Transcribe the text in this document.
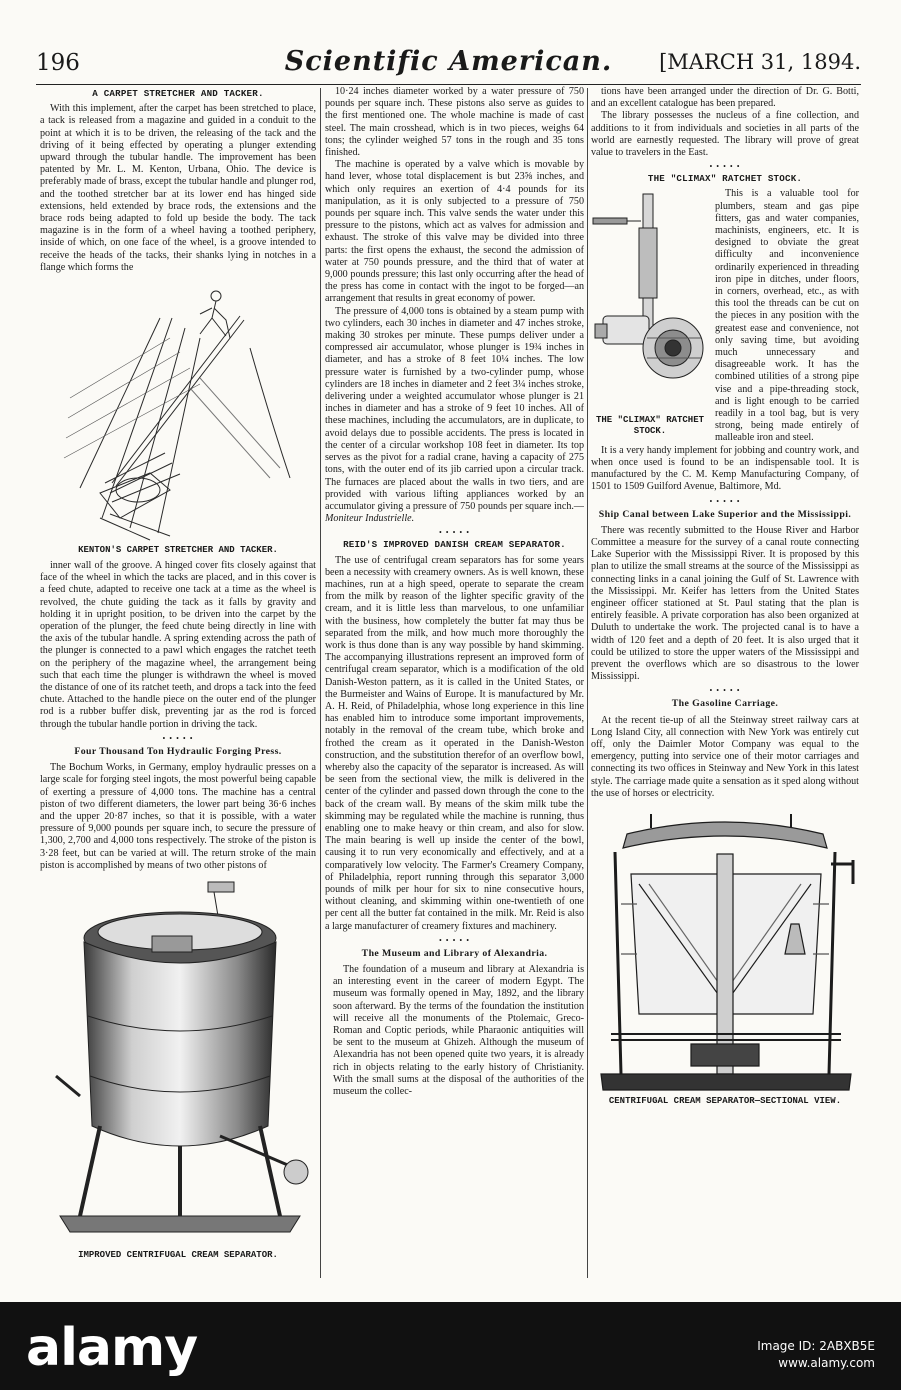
196	Scientific American.	[MARCH 31, 1894.
A CARPET STRETCHER AND TACKER.

With this implement, after the carpet has been stretched to place, a tack is released from a magazine and guided in a conduit to the point at which it is to be driven, the releasing of the tack and the driving of it being effected by operating a plunger extending upward through the tubular handle. The improvement has been patented by Mr. L. M. Kenton, Urbana, Ohio. The device is preferably made of brass, except the tubular handle and plunger rod, and the toothed stretcher bar at its lower end has hinged side extensions, held extended by brace rods, the extensions and the brace rods being adapted to fold up beside the body. The tack magazine is in the form of a wheel having a toothed periphery, inside of which, on one face of the wheel, is a groove intended to receive the heads of the tacks, their shanks lying in notches in a flange which forms the

KENTON'S CARPET STRETCHER AND TACKER.

inner wall of the groove. A hinged cover fits closely against that face of the wheel in which the tacks are placed, and in this cover is a feed chute, adapted to receive one tack at a time as the wheel is revolved, the chute guiding the tack as it falls by gravity and holding it in upright position, to be driven into the carpet by the operation of the plunger, the feed chute being directly in line with the axis of the tubular handle. A spring extending across the path of the plunger is connected to a pawl which engages the ratchet teeth on the periphery of the magazine wheel, the arrangement being such that each time the plunger is withdrawn the wheel is moved the distance of one of its ratchet teeth, and drops a tack into the feed chute. Attached to the handle piece on the outer end of the plunger rod is a rubber buffer disk, preventing jar as the rod is forced through the tubular handle portion in driving the tack.

• • • • •
Four Thousand Ton Hydraulic Forging Press.

The Bochum Works, in Germany, employ hydraulic presses on a large scale for forging steel ingots, the most powerful being capable of exerting a pressure of 4,000 tons. The machine has a central piston of two different diameters, the lower part being 36·6 inches and the upper 20·87 inches, so that it is possible, with a water pressure of 9,000 pounds per square inch, to secure the pressure of 1,300, 2,700 and 4,000 tons respectively. The stroke of the piston is 3·28 feet, but can be varied at will. The return stroke of the main piston is accomplished by means of two other pistons of

IMPROVED CENTRIFUGAL CREAM SEPARATOR.

10·24 inches diameter worked by a water pressure of 750 pounds per square inch. These pistons also serve as guides to the first mentioned one. The whole machine is made of cast steel. The main crosshead, which is in two pieces, weighs 64 tons; the cylinder weighed 57 tons in the rough and 35 tons finished.

The machine is operated by a valve which is movable by hand lever, whose total displacement is but 23⅝ inches, and which only requires an exertion of 4·4 pounds for its manipulation, as it is only subjected to a pressure of 750 pounds per square inch. This valve sends the water under this pressure to the pistons, which act as valves for admission and exhaust. The stroke of this valve may be divided into three parts: the first opens the exhaust, the second the admission of water at 750 pounds pressure, and the third that of water at 9,000 pounds pressure; this last only occurring after the head of the press has come in contact with the ingot to be forged—an arrangement that results in great economy of power.

The pressure of 4,000 tons is obtained by a steam pump with two cylinders, each 30 inches in diameter and 47 inches stroke, making 30 strokes per minute. These pumps deliver under a compressed air accumulator, whose plunger is 19¾ inches in diameter, and has a stroke of 8 feet 10¼ inches. The low pressure water is furnished by a two-cylinder pump, whose cylinders are 18 inches in diameter and 2 feet 3¼ inches stroke, delivering under a weighted accumulator whose plunger is 21 inches in diameter and has a stroke of 9 feet 10 inches. All of these machines, including the accumulators, are in duplicate, to avoid delays due to possible accidents. The press is located in the center of a circular workshop 108 feet in diameter. Its top serves as the pivot for a radial crane, having a capacity of 275 tons, with the outer end of its jib carried upon a circular track. The furnaces are placed about the walls in two tiers, and are provided with various lifting appliances worked by an accumulator giving a pressure of 750 pounds per square inch.—Moniteur Industrielle.

• • • • •
REID'S IMPROVED DANISH CREAM SEPARATOR.

The use of centrifugal cream separators has for some years been a necessity with creamery owners. As is well known, these machines, run at a high speed, operate to separate the cream from the milk by reason of the lighter specific gravity of the cream, and it is little less than marvelous, to one unfamiliar with the business, how completely the butter fat may thus be separated from the milk, and how much more thoroughly the work is thus done than is any way possible by hand skimming. The accompanying illustrations represent an improved form of centrifugal cream separator, which is a modification of the old Danish-Weston pattern, as it is called in the United States, or the Burmeister and Wains of Europe. It is manufactured by Mr. A. H. Reid, of Philadelphia, whose long experience in this line has enabled him to introduce some important improvements, notably in the removal of the cream tube, which broke and frothed the cream as it operated in the Danish-Weston construction, and the substitution therefor of an overflow bowl, whereby also the capacity of the separator is increased. As will be seen from the sectional view, the milk is delivered in the center of the cylinder and passed down through the cone to the back of the cream wall. By means of the skim milk tube the skimming may be regulated while the machine is running, thus enabling one to make heavy or thin cream, and also for slow. The main bearing is well up inside the center of the bowl, causing it to run very economically and effectively, and at a comparatively low velocity. The Farmer's Creamery Company, of Philadelphia, report running through this separator 3,000 pounds of milk per hour for six to nine consecutive hours, without cleaning, and skimming within one-twentieth of one per cent all the butter fat contained in the milk. Mr. Reid is also a large manufacturer of creamery fixtures and machinery.

• • • • •
The Museum and Library of Alexandria.

The foundation of a museum and library at Alexandria is an interesting event in the career of modern Egypt. The museum was formally opened in May, 1892, and the library soon afterward. By the terms of the foundation the institution will receive all the monuments of the Ptolemaic, Greco-Roman and Coptic periods, while Pharaonic antiquities will be sent to the museum at Ghizeh. Although the museum of Alexandria has not been opened quite two years, it is already rich in objects relating to the early history of Christianity. With the small sums at the disposal of the authorities of the museum the collec-

tions have been arranged under the direction of Dr. G. Botti, and an excellent catalogue has been prepared.

The library possesses the nucleus of a fine collection, and additions to it from individuals and societies in all parts of the world are earnestly requested. The library will prove of great value to travelers in the East.

• • • • •
THE "CLIMAX" RATCHET STOCK.
THE "CLIMAX" RATCHET STOCK.

This is a valuable tool for plumbers, steam and gas pipe fitters, gas and water companies, machinists, engineers, etc. It is designed to obviate the great difficulty and inconvenience ordinarily experienced in threading iron pipe in ditches, under floors, in corners, overhead, etc., as with this tool the threads can be cut on the pieces in any position with the greatest ease and convenience, not only saving time, but avoiding much unnecessary and disagreeable work. It has the combined utilities of a strong pipe vise and a pipe-threading stock, and is light enough to be carried readily in a tool bag, but is very strong, being made entirely of malleable iron and steel.

It is a very handy implement for jobbing and country work, and when once used is found to be an indispensable tool. It is manufactured by the C. M. Kemp Manufacturing Company, of 1501 to 1509 Guilford Avenue, Baltimore, Md.

• • • • •
Ship Canal between Lake Superior and the Mississippi.

There was recently submitted to the House River and Harbor Committee a measure for the survey of a canal route connecting Lake Superior with the Mississippi River. It is proposed by this plan to utilize the small streams at the source of the Mississippi as connecting links in a canal joining the Gulf of St. Lawrence with the Mississippi. Mr. Keifer has letters from the United States engineer officer stationed at St. Paul stating that the plan is entirely feasible. A private corporation has also been organized at Duluth to undertake the work. The projected canal is to have a width of 120 feet and a depth of 20 feet. It is also urged that it could be utilized to store the upper waters of the Mississippi and prevent the overflows which are so disastrous to the lower Mississippi.

• • • • •
The Gasoline Carriage.

At the recent tie-up of all the Steinway street railway cars at Long Island City, all connection with New York was entirely cut off, only the Daimler Motor Company was equal to the emergency, putting into service one of their motor carriages and connecting its two offices in Steinway and New York in this latest style. The carriage made quite a sensation as it sped along without the use of horses or electricity.

CENTRIFUGAL CREAM SEPARATOR—SECTIONAL VIEW.
alamy	Image ID: 2ABXB5E
www.alamy.com
